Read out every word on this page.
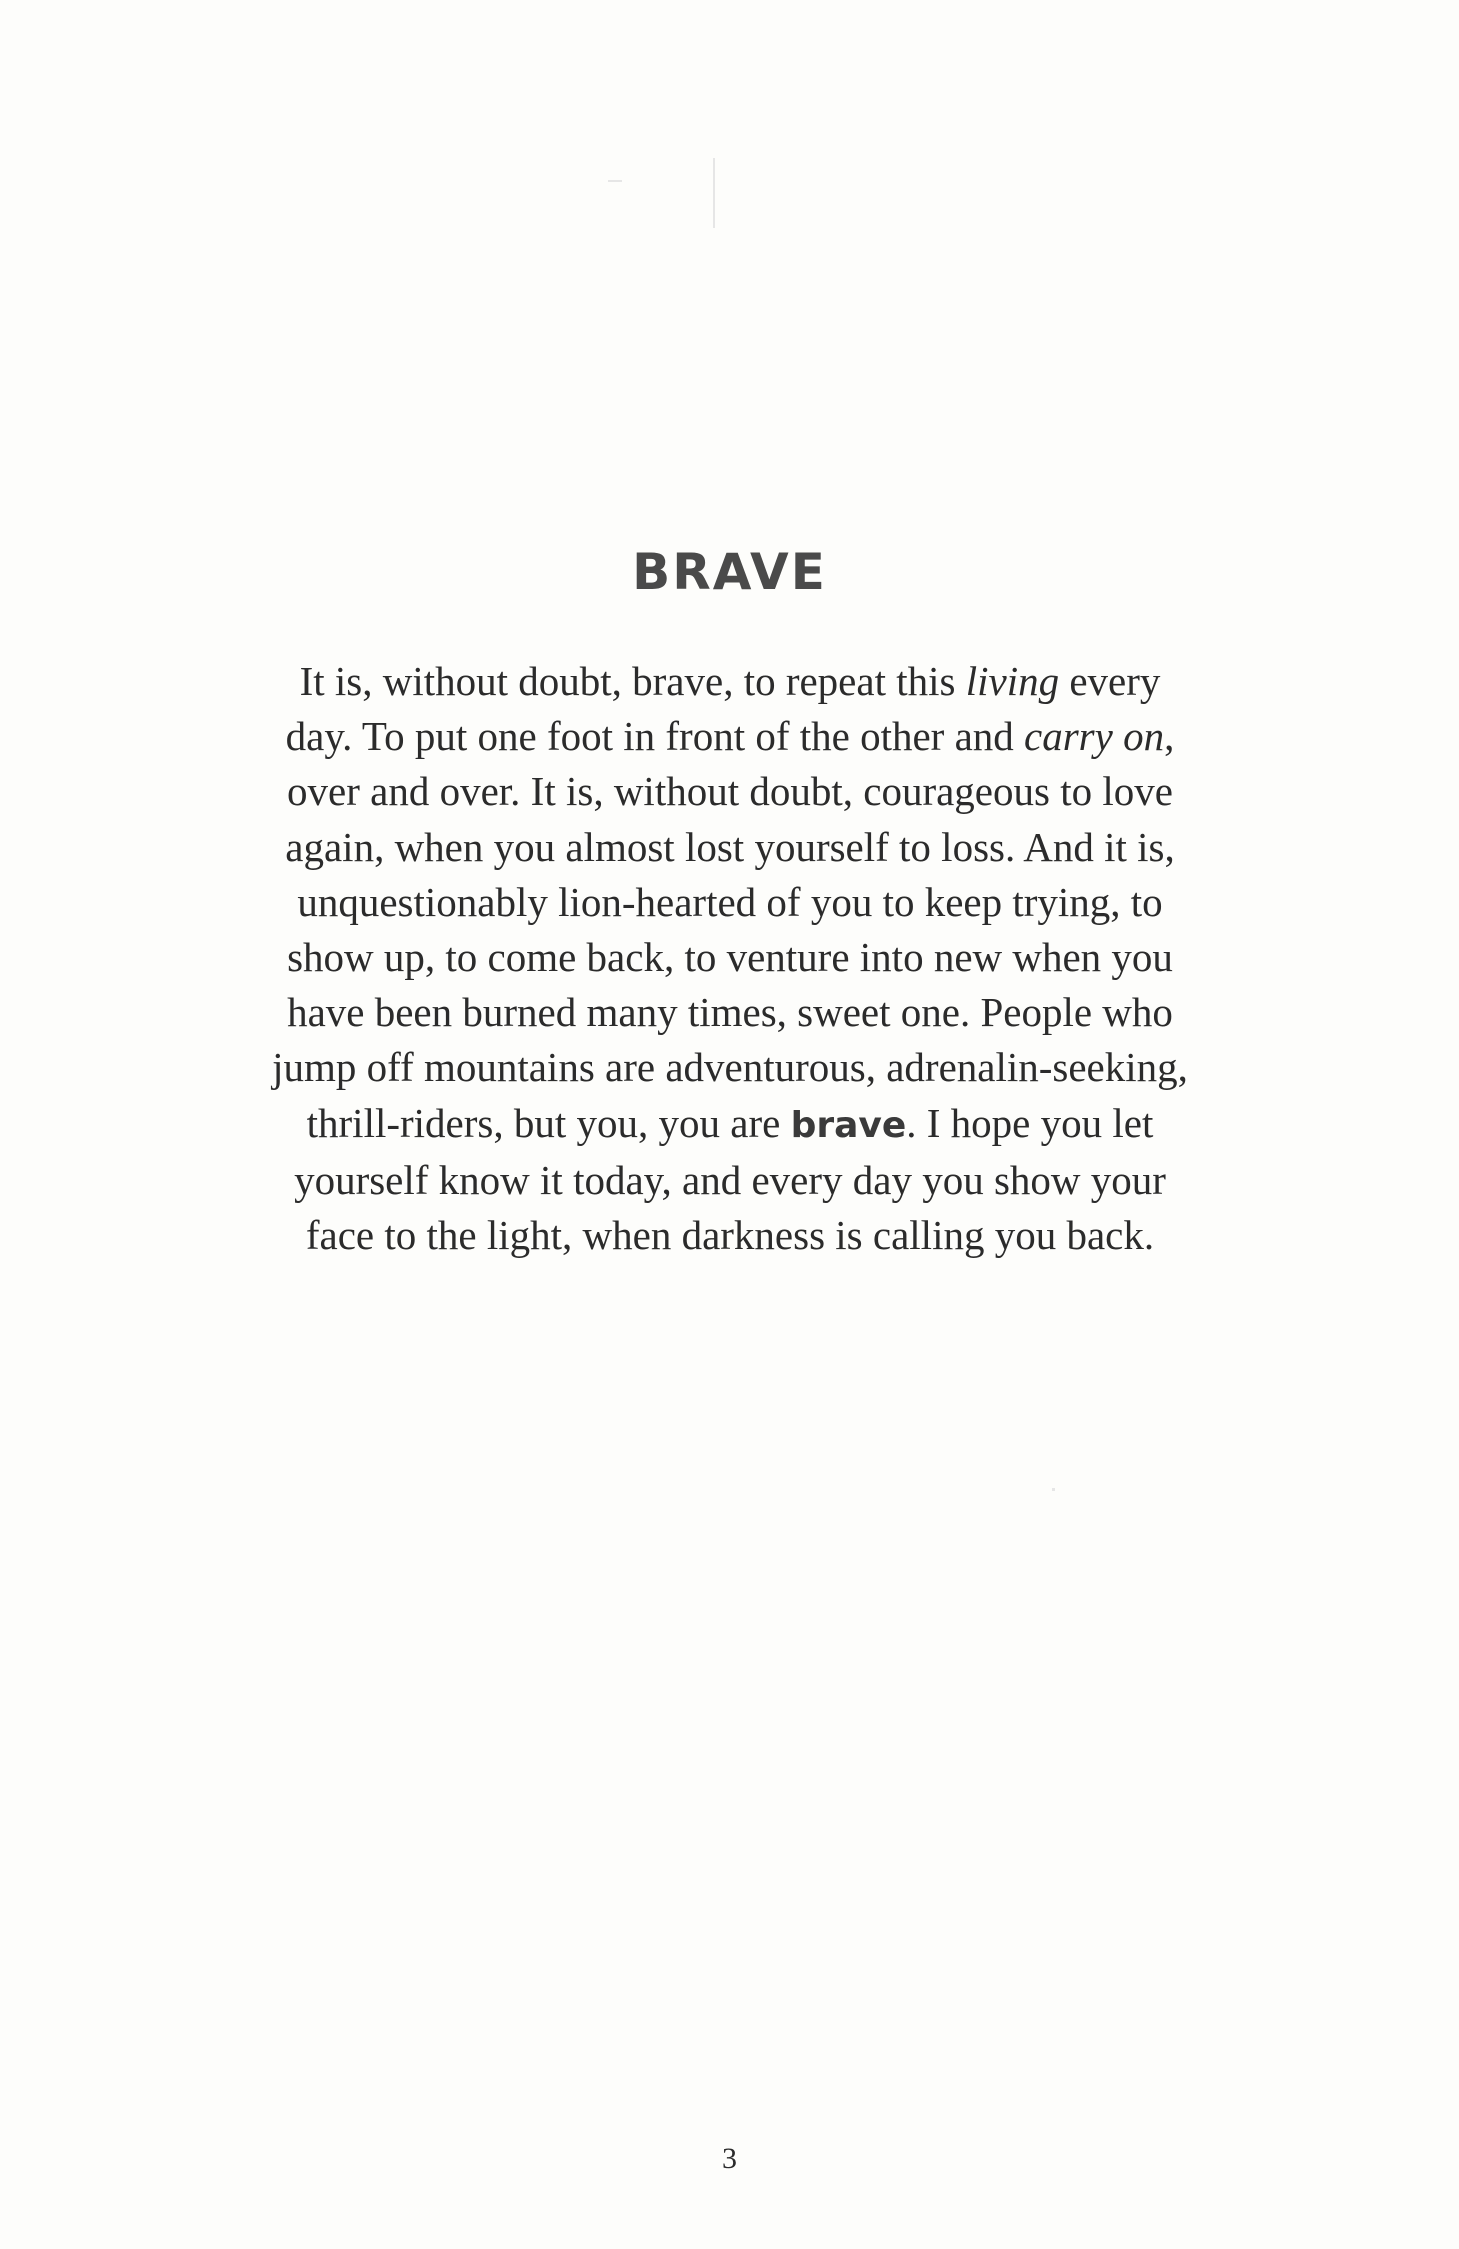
BRAVE
It is, without doubt, brave, to repeat this living every
day. To put one foot in front of the other and carry on,
over and over. It is, without doubt, courageous to love
again, when you almost lost yourself to loss. And it is,
unquestionably lion-hearted of you to keep trying, to
show up, to come back, to venture into new when you
have been burned many times, sweet one. People who
jump off mountains are adventurous, adrenalin-seeking,
thrill-riders, but you, you are brave. I hope you let
yourself know it today, and every day you show your
face to the light, when darkness is calling you back.
3
